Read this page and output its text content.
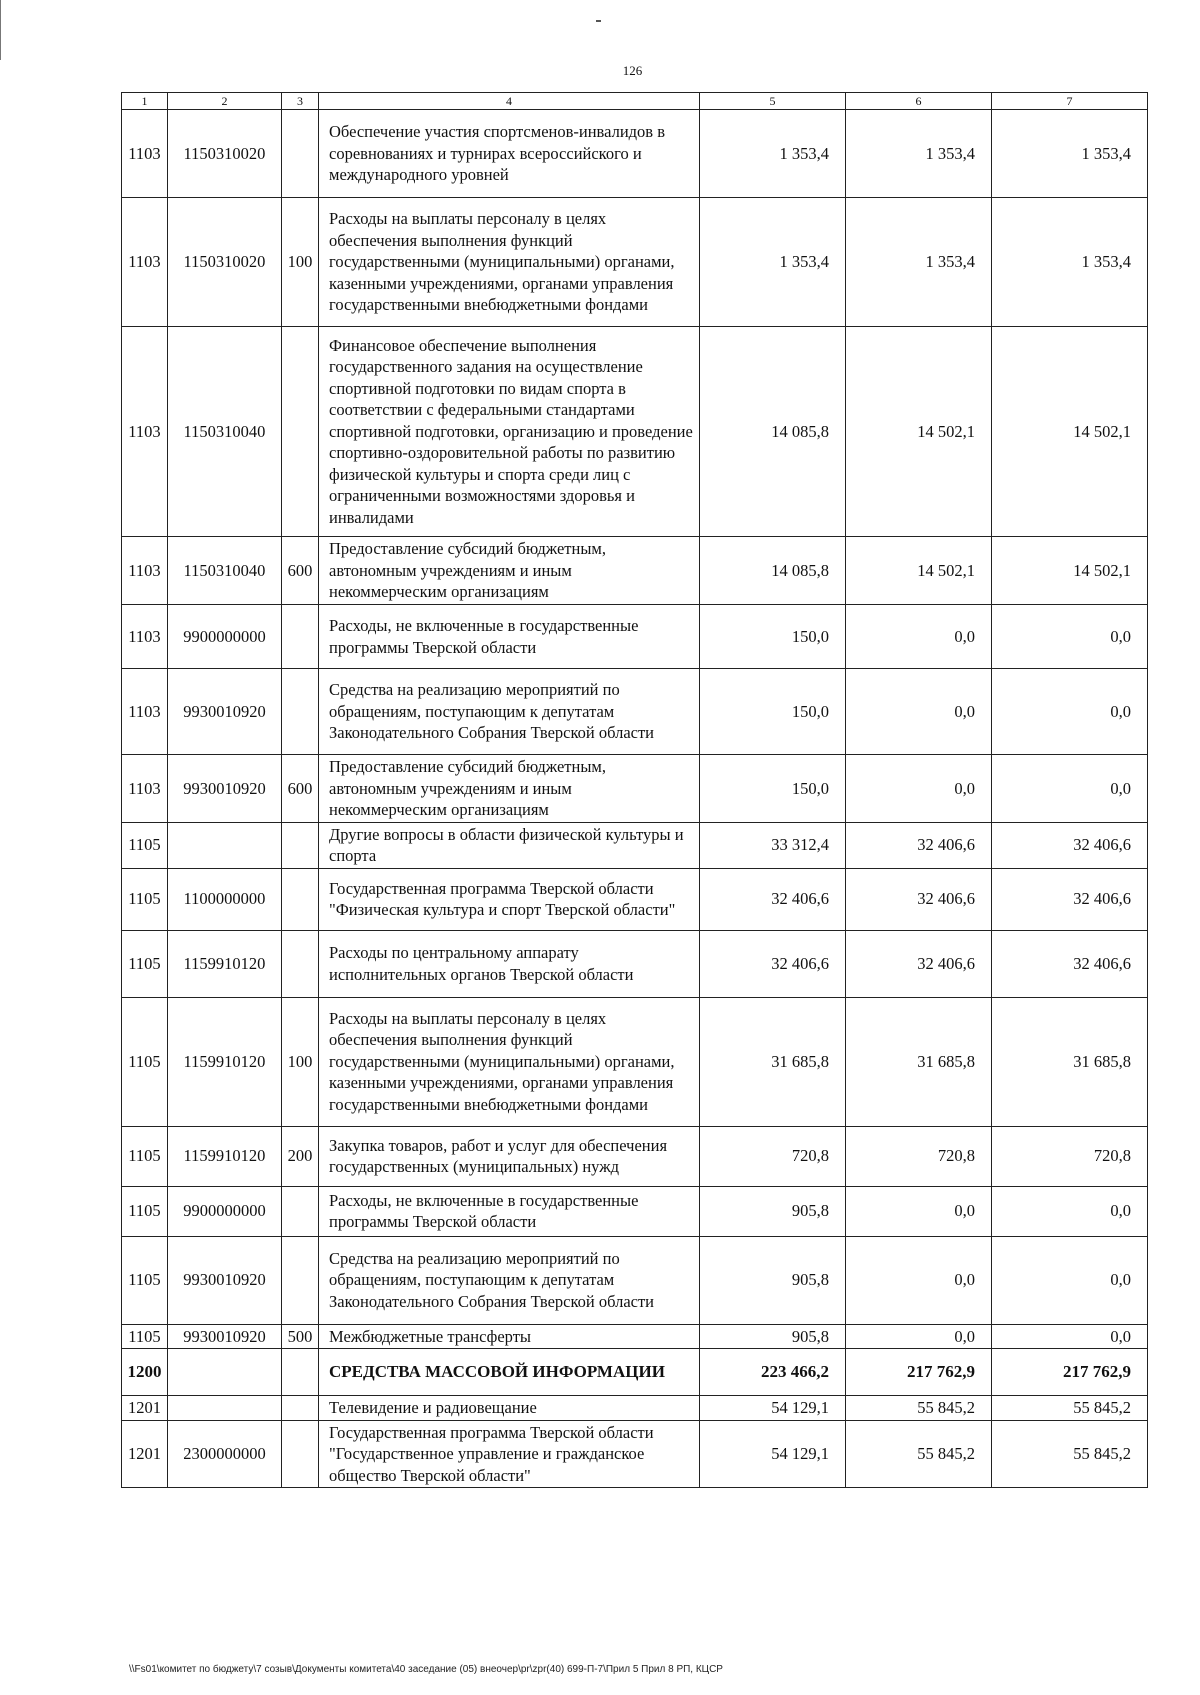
126
1	2	3	4	5	6	7
1103	1150310020		Обеспечение участия спортсменов-инвалидов в соревнованиях и турнирах всероссийского и международного уровней	1 353,4	1 353,4	1 353,4
1103	1150310020	100	Расходы на выплаты персоналу в целях обеспечения выполнения функций государственными (муниципальными) органами, казенными учреждениями, органами управления государственными внебюджетными фондами	1 353,4	1 353,4	1 353,4
1103	1150310040		Финансовое обеспечение выполнения государственного задания на осуществление спортивной подготовки по видам спорта в соответствии с федеральными стандартами спортивной подготовки, организацию и проведение спортивно-оздоровительной работы по развитию физической культуры и спорта среди лиц с ограниченными возможностями здоровья и инвалидами	14 085,8	14 502,1	14 502,1
1103	1150310040	600	Предоставление субсидий бюджетным, автономным учреждениям и иным некоммерческим организациям	14 085,8	14 502,1	14 502,1
1103	9900000000		Расходы, не включенные в государственные программы Тверской области	150,0	0,0	0,0
1103	9930010920		Средства на реализацию мероприятий по обращениям, поступающим к депутатам Законодательного Собрания Тверской области	150,0	0,0	0,0
1103	9930010920	600	Предоставление субсидий бюджетным, автономным учреждениям и иным некоммерческим организациям	150,0	0,0	0,0
1105			Другие вопросы в области физической культуры и спорта	33 312,4	32 406,6	32 406,6
1105	1100000000		Государственная программа Тверской области "Физическая культура и спорт Тверской области"	32 406,6	32 406,6	32 406,6
1105	1159910120		Расходы по центральному аппарату исполнительных органов Тверской области	32 406,6	32 406,6	32 406,6
1105	1159910120	100	Расходы на выплаты персоналу в целях обеспечения выполнения функций государственными (муниципальными) органами, казенными учреждениями, органами управления государственными внебюджетными фондами	31 685,8	31 685,8	31 685,8
1105	1159910120	200	Закупка товаров, работ и услуг для обеспечения государственных (муниципальных) нужд	720,8	720,8	720,8
1105	9900000000		Расходы, не включенные в государственные программы Тверской области	905,8	0,0	0,0
1105	9930010920		Средства на реализацию мероприятий по обращениям, поступающим к депутатам Законодательного Собрания Тверской области	905,8	0,0	0,0
1105	9930010920	500	Межбюджетные трансферты	905,8	0,0	0,0
1200			СРЕДСТВА МАССОВОЙ ИНФОРМАЦИИ	223 466,2	217 762,9	217 762,9
1201			Телевидение и радиовещание	54 129,1	55 845,2	55 845,2
1201	2300000000		Государственная программа Тверской области "Государственное управление и гражданское общество Тверской области"	54 129,1	55 845,2	55 845,2
\\Fs01\комитет по бюджету\7 созыв\Документы комитета\40 заседание (05) внеочер\pr\zpr(40) 699-П-7\Прил 5 Прил 8 РП, КЦСР
